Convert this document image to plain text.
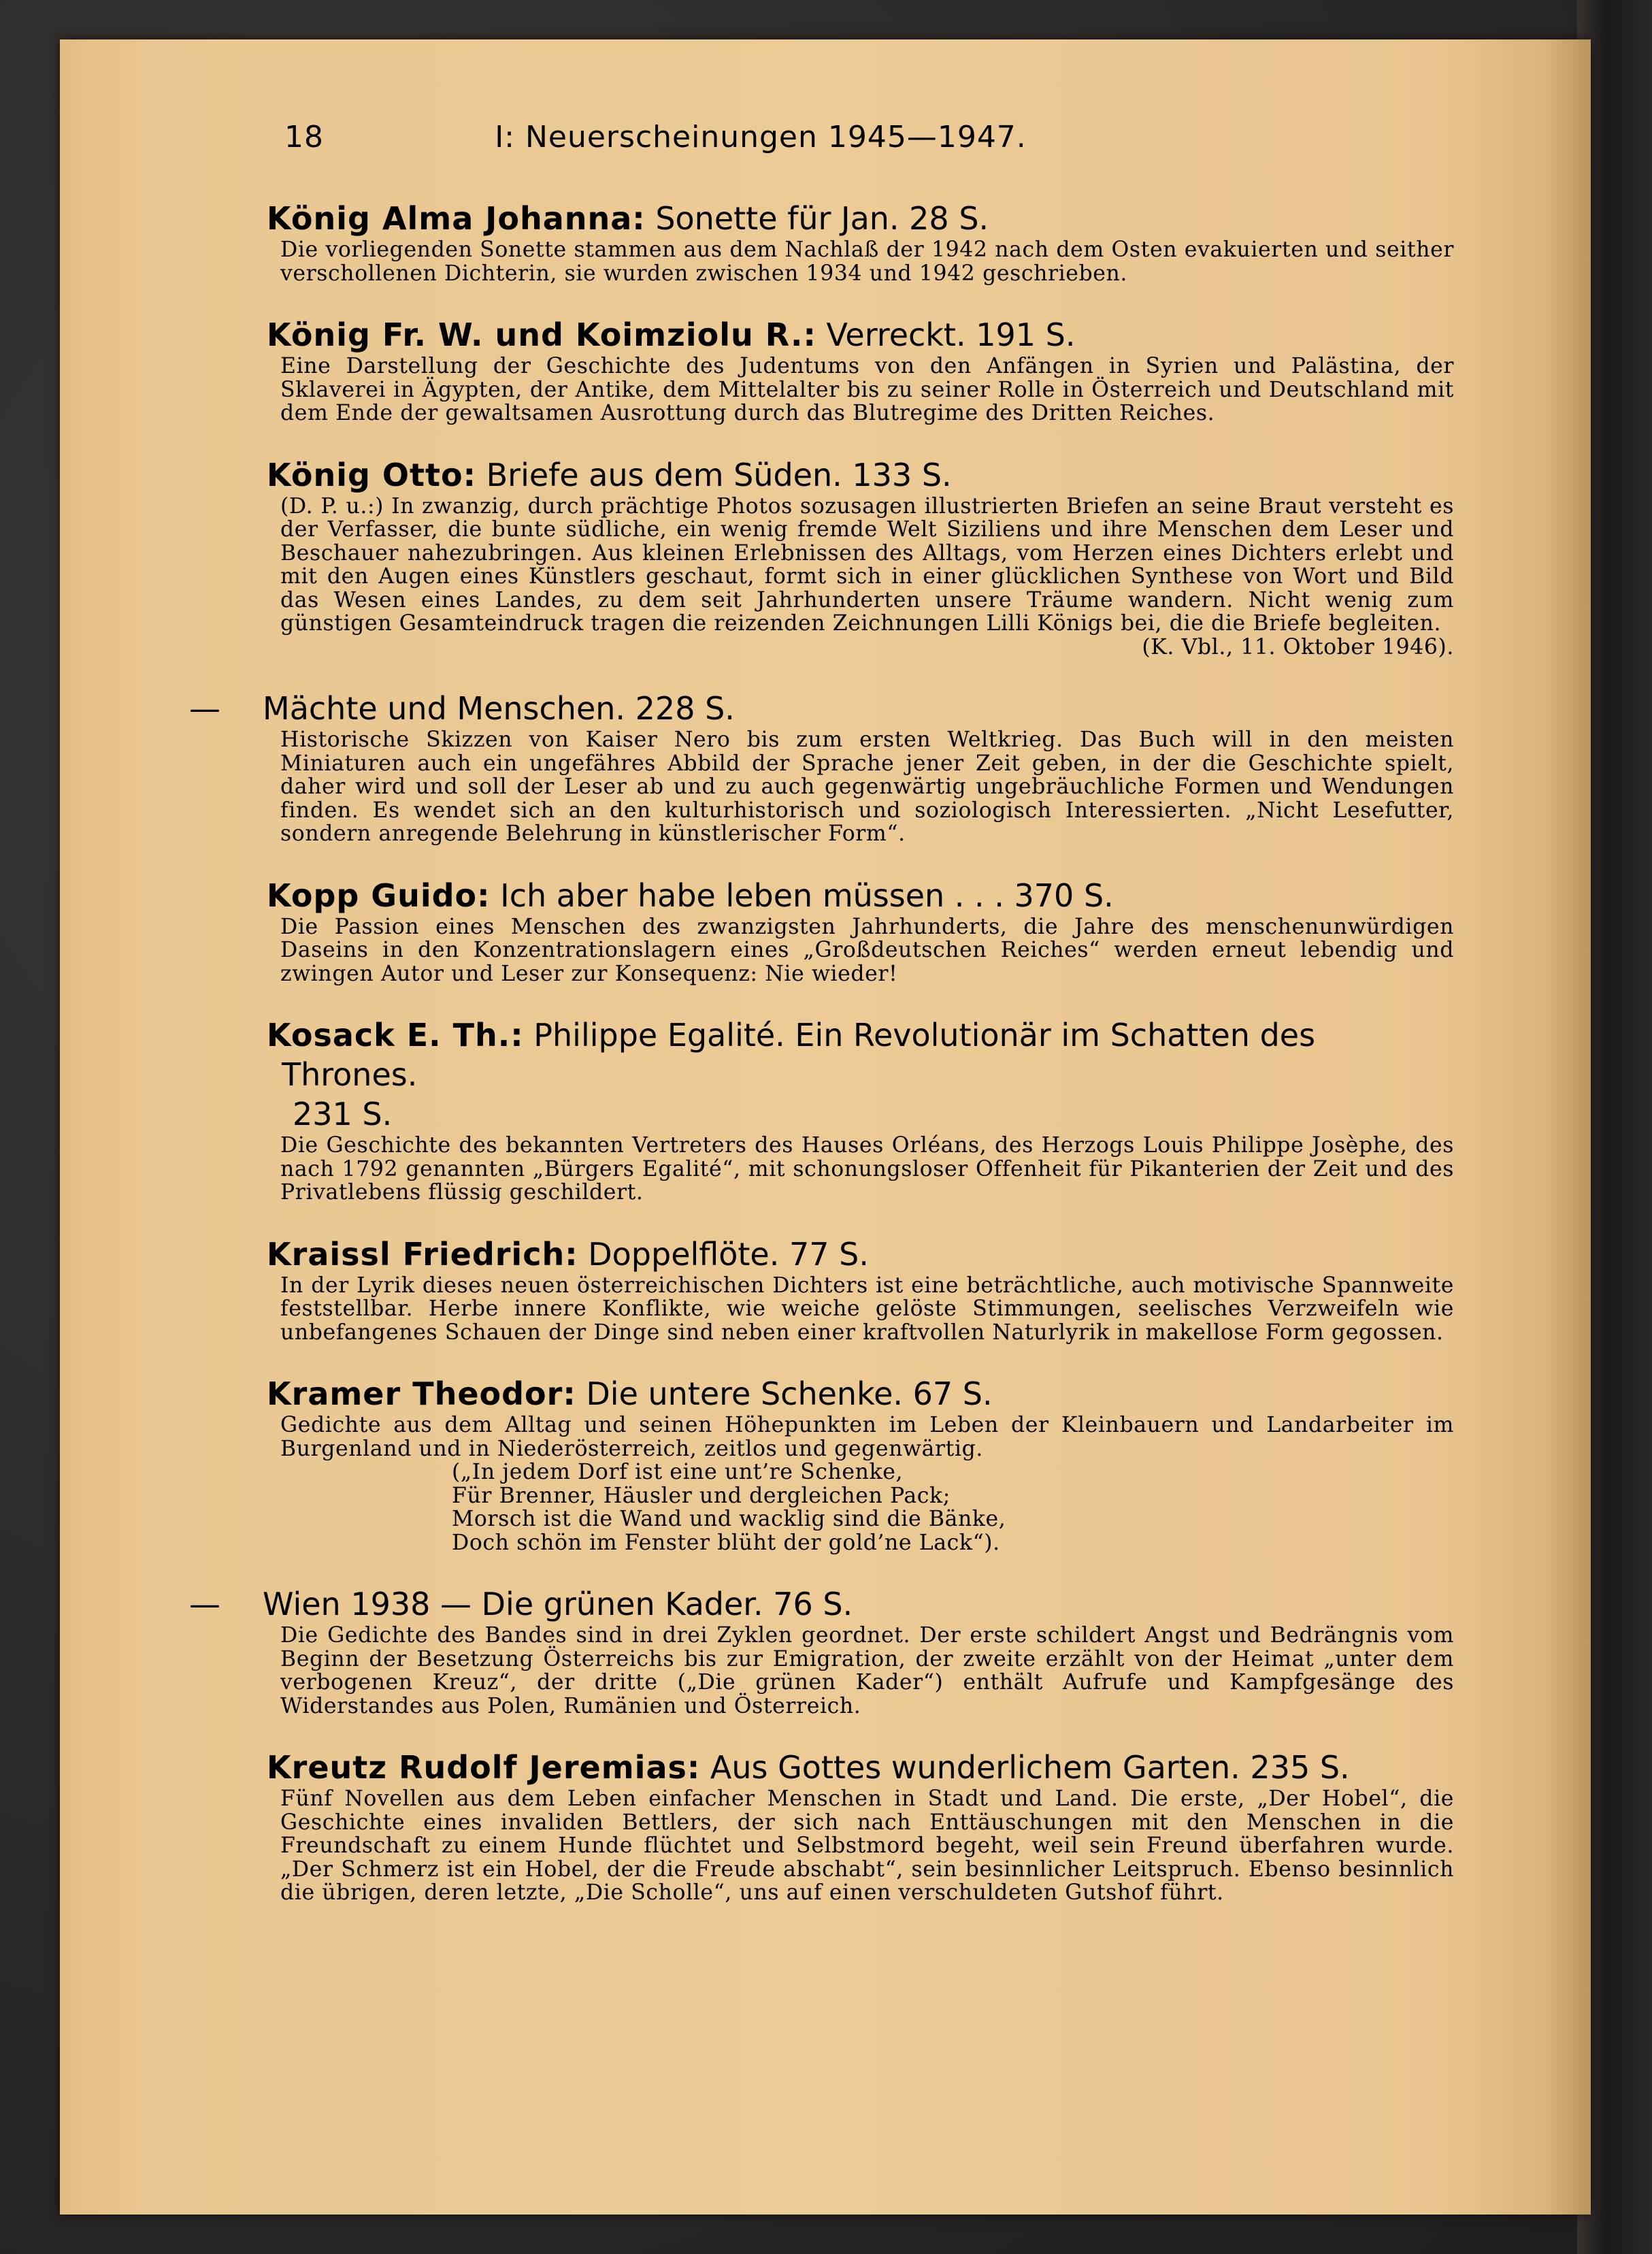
18	I: Neuerscheinungen 1945—1947.
König Alma Johanna: Sonette für Jan. 28 S.

Die vorliegenden Sonette stammen aus dem Nachlaß der 1942 nach dem Osten evakuierten und seither verschollenen Dichterin, sie wurden zwischen 1934 und 1942 geschrieben.

König Fr. W. und Koimziolu R.: Verreckt. 191 S.

Eine Darstellung der Geschichte des Judentums von den Anfängen in Syrien und Palästina, der Sklaverei in Ägypten, der Antike, dem Mittelalter bis zu seiner Rolle in Österreich und Deutschland mit dem Ende der gewaltsamen Ausrottung durch das Blutregime des Dritten Reiches.

König Otto: Briefe aus dem Süden. 133 S.

(D. P. u.:) In zwanzig, durch prächtige Photos sozusagen illustrierten Briefen an seine Braut versteht es der Verfasser, die bunte südliche, ein wenig fremde Welt Siziliens und ihre Menschen dem Leser und Beschauer nahezubringen. Aus kleinen Erlebnissen des Alltags, vom Herzen eines Dichters erlebt und mit den Augen eines Künstlers geschaut, formt sich in einer glücklichen Synthese von Wort und Bild das Wesen eines Landes, zu dem seit Jahrhunderten unsere Träume wandern. Nicht wenig zum günstigen Gesamteindruck tragen die reizenden Zeichnungen Lilli Königs bei, die die Briefe begleiten.

(K. Vbl., 11. Oktober 1946).
— Mächte und Menschen. 228 S.

Historische Skizzen von Kaiser Nero bis zum ersten Weltkrieg. Das Buch will in den meisten Miniaturen auch ein ungefähres Abbild der Sprache jener Zeit geben, in der die Geschichte spielt, daher wird und soll der Leser ab und zu auch gegenwärtig ungebräuchliche Formen und Wendungen finden. Es wendet sich an den kulturhistorisch und soziologisch Interessierten. „Nicht Lesefutter, sondern anregende Belehrung in künstlerischer Form“.

Kopp Guido: Ich aber habe leben müssen . . . 370 S.

Die Passion eines Menschen des zwanzigsten Jahrhunderts, die Jahre des menschenunwürdigen Daseins in den Konzentrationslagern eines „Großdeutschen Reiches“ werden erneut lebendig und zwingen Autor und Leser zur Konsequenz: Nie wieder!

Kosack E. Th.: Philippe Egalité. Ein Revolutionär im Schatten des Thrones.
231 S.

Die Geschichte des bekannten Vertreters des Hauses Orléans, des Herzogs Louis Philippe Josèphe, des nach 1792 genannten „Bürgers Egalité“, mit schonungsloser Offenheit für Pikanterien der Zeit und des Privatlebens flüssig geschildert.

Kraissl Friedrich: Doppelflöte. 77 S.

In der Lyrik dieses neuen österreichischen Dichters ist eine beträchtliche, auch motivische Spannweite feststellbar. Herbe innere Konflikte, wie weiche gelöste Stimmungen, seelisches Verzweifeln wie unbefangenes Schauen der Dinge sind neben einer kraftvollen Naturlyrik in makellose Form gegossen.

Kramer Theodor: Die untere Schenke. 67 S.

Gedichte aus dem Alltag und seinen Höhepunkten im Leben der Kleinbauern und Landarbeiter im Burgenland und in Niederösterreich, zeitlos und gegenwärtig.

(„In jedem Dorf ist eine unt’re Schenke,
Für Brenner, Häusler und dergleichen Pack;
Morsch ist die Wand und wacklig sind die Bänke,
Doch schön im Fenster blüht der gold’ne Lack“).
— Wien 1938 — Die grünen Kader. 76 S.

Die Gedichte des Bandes sind in drei Zyklen geordnet. Der erste schildert Angst und Bedrängnis vom Beginn der Besetzung Österreichs bis zur Emigration, der zweite erzählt von der Heimat „unter dem verbogenen Kreuz“, der dritte („Die grünen Kader“) enthält Aufrufe und Kampfgesänge des Widerstandes aus Polen, Rumänien und Österreich.

Kreutz Rudolf Jeremias: Aus Gottes wunderlichem Garten. 235 S.

Fünf Novellen aus dem Leben einfacher Menschen in Stadt und Land. Die erste, „Der Hobel“, die Geschichte eines invaliden Bettlers, der sich nach Enttäuschungen mit den Menschen in die Freundschaft zu einem Hunde flüchtet und Selbstmord begeht, weil sein Freund überfahren wurde. „Der Schmerz ist ein Hobel, der die Freude abschabt“, sein besinnlicher Leitspruch. Ebenso besinnlich die übrigen, deren letzte, „Die Scholle“, uns auf einen verschuldeten Gutshof führt.
